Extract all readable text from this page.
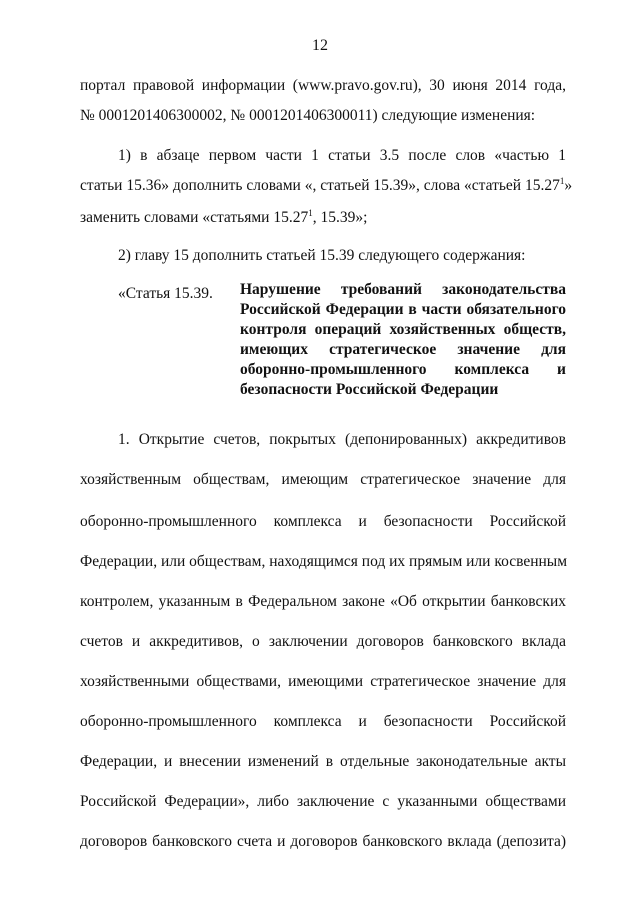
12
портал правовой информации (www.pravo.gov.ru), 30 июня 2014 года,
№ 0001201406300002, № 0001201406300011) следующие изменения:
1) в абзаце первом части 1 статьи 3.5 после слов «частью 1
статьи 15.36» дополнить словами «, статьей 15.39», слова «статьей 15.27$^1$»
заменить словами «статьями 15.27$^1$, 15.39»;
2) главу 15 дополнить статьей 15.39 следующего содержания:
«Статья 15.39. Нарушение требований законодательства
Российской Федерации в части обязательного
контроля операций хозяйственных обществ,
имеющих стратегическое значение для
оборонно-промышленного комплекса и
безопасности Российской Федерации
1. Открытие счетов, покрытых (депонированных) аккредитивов
хозяйственным обществам, имеющим стратегическое значение для
оборонно-промышленного комплекса и безопасности Российской
Федерации, или обществам, находящимся под их прямым или косвенным
контролем, указанным в Федеральном законе «Об открытии банковских
счетов и аккредитивов, о заключении договоров банковского вклада
хозяйственными обществами, имеющими стратегическое значение для
оборонно-промышленного комплекса и безопасности Российской
Федерации, и внесении изменений в отдельные законодательные акты
Российской Федерации», либо заключение с указанными обществами
договоров банковского счета и договоров банковского вклада (депозита)
